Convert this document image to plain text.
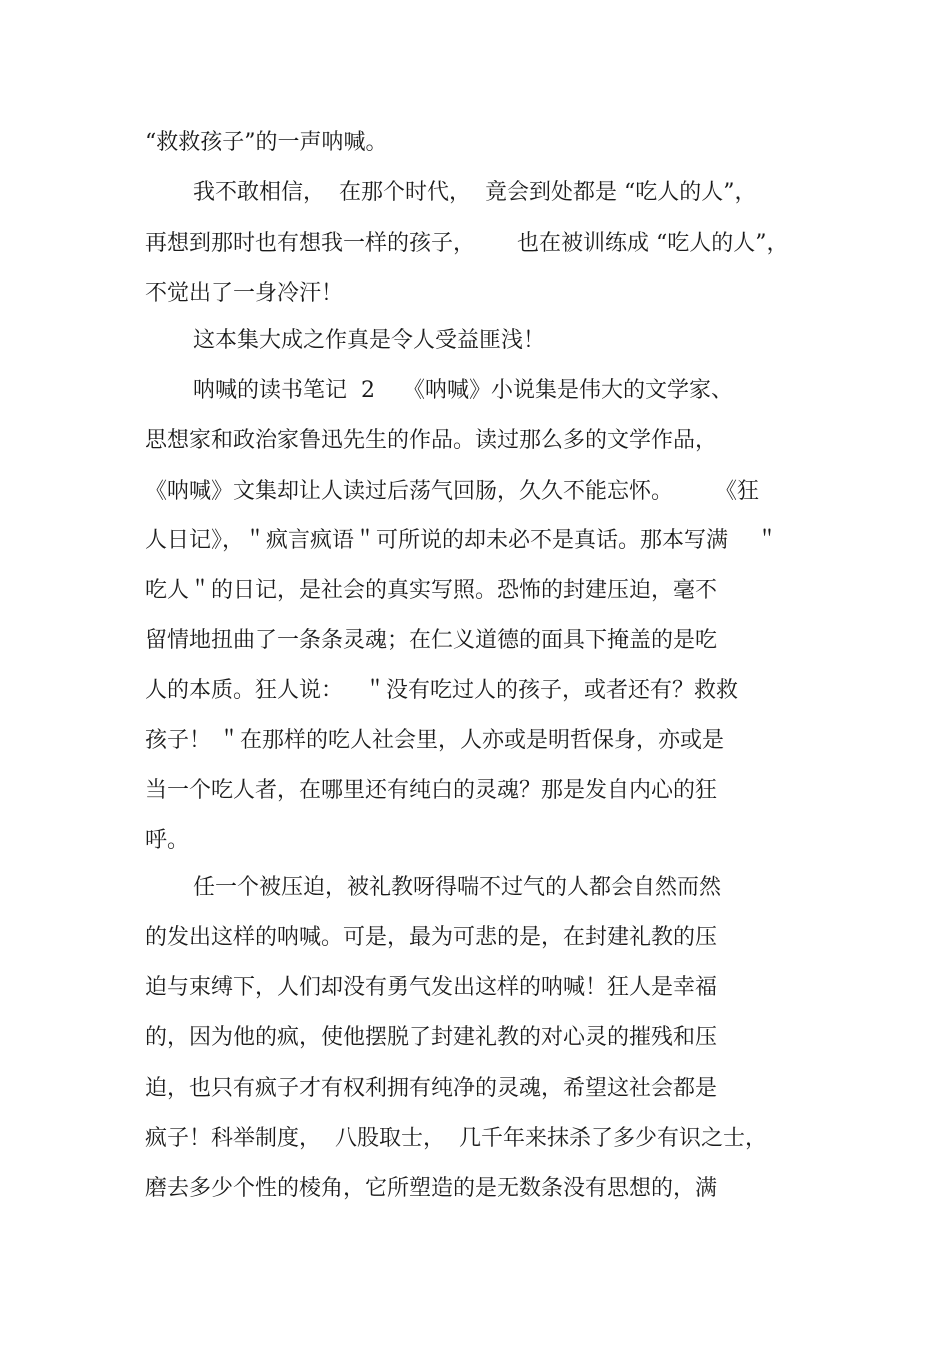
“救救孩子”的一声呐喊。
我不敢相信，  在那个时代，  竟会到处都是 “吃人的人”，
再想到那时也有想我一样的孩子，      也在被训练成 “吃人的人”，
不觉出了一身冷汗！
这本集大成之作真是令人受益匪浅！
呐喊的读书笔记  2    《呐喊》小说集是伟大的文学家、
思想家和政治家鲁迅先生的作品。读过那么多的文学作品，
《呐喊》文集却让人读过后荡气回肠，久久不能忘怀。      《狂
人日记》，＂疯言疯语＂可所说的却未必不是真话。那本写满    ＂
吃人＂的日记，是社会的真实写照。恐怖的封建压迫，毫不
留情地扭曲了一条条灵魂；在仁义道德的面具下掩盖的是吃
人的本质。狂人说：   ＂没有吃过人的孩子，或者还有？救救
孩子！ ＂在那样的吃人社会里，人亦或是明哲保身，亦或是
当一个吃人者，在哪里还有纯白的灵魂？那是发自内心的狂
呼。
任一个被压迫，被礼教呀得喘不过气的人都会自然而然
的发出这样的呐喊。可是，最为可悲的是，在封建礼教的压
迫与束缚下，人们却没有勇气发出这样的呐喊！狂人是幸福
的，因为他的疯，使他摆脱了封建礼教的对心灵的摧残和压
迫，也只有疯子才有权利拥有纯净的灵魂，希望这社会都是
疯子！科举制度，  八股取士，  几千年来抹杀了多少有识之士，
磨去多少个性的棱角，它所塑造的是无数条没有思想的，满
